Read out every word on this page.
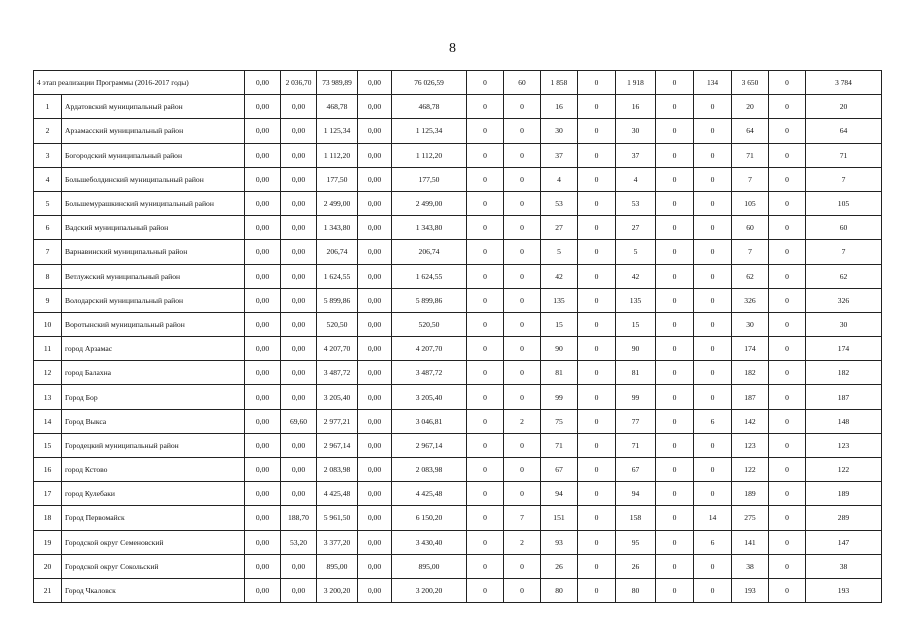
8
4 этап реализации Программы (2016-2017 годы)		0,00	2 036,70	73 989,89	0,00	76 026,59	0	60	1 858	0	1 918	0	134	3 650	0	3 784
1	Ардатовский муниципальный район	0,00	0,00	468,78	0,00	468,78	0	0	16	0	16	0	0	20	0	20
2	Арзамасский муниципальный район	0,00	0,00	1 125,34	0,00	1 125,34	0	0	30	0	30	0	0	64	0	64
3	Богородский муниципальный район	0,00	0,00	1 112,20	0,00	1 112,20	0	0	37	0	37	0	0	71	0	71
4	Большеболдинский муниципальный район	0,00	0,00	177,50	0,00	177,50	0	0	4	0	4	0	0	7	0	7
5	Большемурашкинский муниципальный район	0,00	0,00	2 499,00	0,00	2 499,00	0	0	53	0	53	0	0	105	0	105
6	Вадский муниципальный район	0,00	0,00	1 343,80	0,00	1 343,80	0	0	27	0	27	0	0	60	0	60
7	Варнавинский муниципальный район	0,00	0,00	206,74	0,00	206,74	0	0	5	0	5	0	0	7	0	7
8	Ветлужский муниципальный район	0,00	0,00	1 624,55	0,00	1 624,55	0	0	42	0	42	0	0	62	0	62
9	Володарский муниципальный район	0,00	0,00	5 899,86	0,00	5 899,86	0	0	135	0	135	0	0	326	0	326
10	Воротынский муниципальный район	0,00	0,00	520,50	0,00	520,50	0	0	15	0	15	0	0	30	0	30
11	город Арзамас	0,00	0,00	4 207,70	0,00	4 207,70	0	0	90	0	90	0	0	174	0	174
12	город Балахна	0,00	0,00	3 487,72	0,00	3 487,72	0	0	81	0	81	0	0	182	0	182
13	Город Бор	0,00	0,00	3 205,40	0,00	3 205,40	0	0	99	0	99	0	0	187	0	187
14	Город Выкса	0,00	69,60	2 977,21	0,00	3 046,81	0	2	75	0	77	0	6	142	0	148
15	Городецкий муниципальный район	0,00	0,00	2 967,14	0,00	2 967,14	0	0	71	0	71	0	0	123	0	123
16	город Кстово	0,00	0,00	2 083,98	0,00	2 083,98	0	0	67	0	67	0	0	122	0	122
17	город Кулебаки	0,00	0,00	4 425,48	0,00	4 425,48	0	0	94	0	94	0	0	189	0	189
18	Город Первомайск	0,00	188,70	5 961,50	0,00	6 150,20	0	7	151	0	158	0	14	275	0	289
19	Городской округ Семеновский	0,00	53,20	3 377,20	0,00	3 430,40	0	2	93	0	95	0	6	141	0	147
20	Городской округ Сокольский	0,00	0,00	895,00	0,00	895,00	0	0	26	0	26	0	0	38	0	38
21	Город Чкаловск	0,00	0,00	3 200,20	0,00	3 200,20	0	0	80	0	80	0	0	193	0	193
